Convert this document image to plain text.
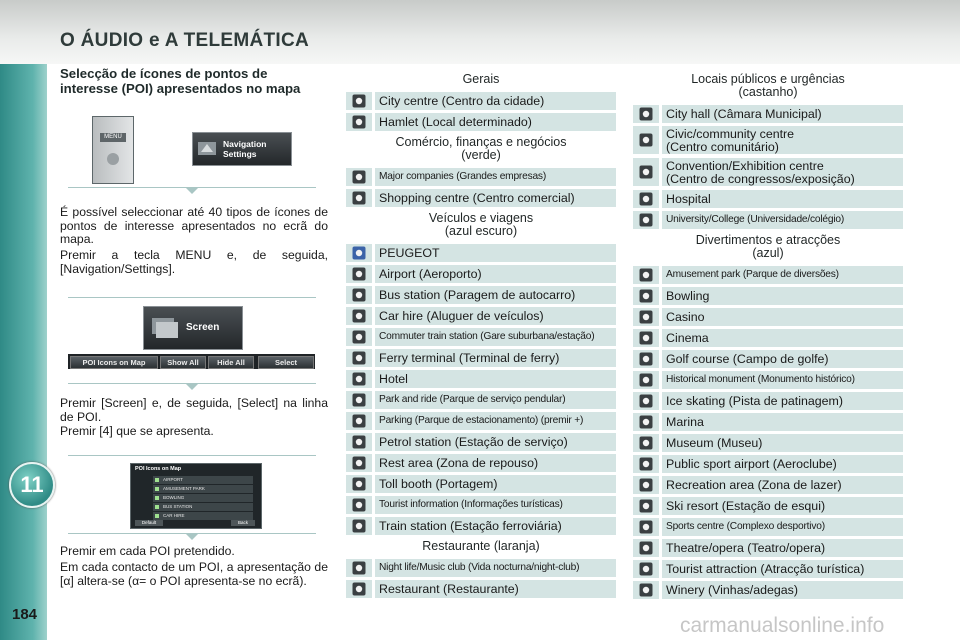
O ÁUDIO e A TELEMÁTICA
11
184	carmanualsonline.info
Selecção de ícones de pontos de interesse (POI) apresentados no mapa
MENU
Navigation Settings

É possível seleccionar até 40 tipos de ícones de pontos de interesse apresentados no ecrã do mapa.

Premir a tecla MENU e, de seguida, [Navigation/Settings].

Screen
POI Icons on Map	Show All	Hide All	Select

Premir [Screen] e, de seguida, [Select] na linha de POI.

Premir [4] que se apresenta.

POI Icons on Map
AIRPORT
AMUSEMENT PARK
BOWLING
BUS STATION
CAR HIRE
Default	Back

Premir em cada POI pretendido.

Em cada contacto de um POI, a apresentação de [α] altera-se (α= o POI apresenta-se no ecrã).

Gerais
City centre (Centro da cidade)
Hamlet (Local determinado)
Comércio, finanças e negócios
(verde)
Major companies (Grandes empresas)
Shopping centre (Centro comercial)
Veículos e viagens
(azul escuro)
PEUGEOT
Airport (Aeroporto)
Bus station (Paragem de autocarro)
Car hire (Aluguer de veículos)
Commuter train station (Gare suburbana/estação)
Ferry terminal (Terminal de ferry)
Hotel
Park and ride (Parque de serviço pendular)
Parking (Parque de estacionamento) (premir +)
Petrol station (Estação de serviço)
Rest area (Zona de repouso)
Toll booth (Portagem)
Tourist information (Informações turísticas)
Train station (Estação ferroviária)
Restaurante (laranja)
Night life/Music club (Vida nocturna/night-club)
Restaurant (Restaurante)
Locais públicos e urgências
(castanho)
City hall (Câmara Municipal)
Civic/community centre
(Centro comunitário)
Convention/Exhibition centre
(Centro de congressos/exposição)
Hospital
University/College (Universidade/colégio)
Divertimentos e atracções
(azul)
Amusement park (Parque de diversões)
Bowling
Casino
Cinema
Golf course (Campo de golfe)
Historical monument (Monumento histórico)
Ice skating (Pista de patinagem)
Marina
Museum (Museu)
Public sport airport (Aeroclube)
Recreation area (Zona de lazer)
Ski resort (Estação de esqui)
Sports centre (Complexo desportivo)
Theatre/opera (Teatro/opera)
Tourist attraction (Atracção turística)
Winery (Vinhas/adegas)
